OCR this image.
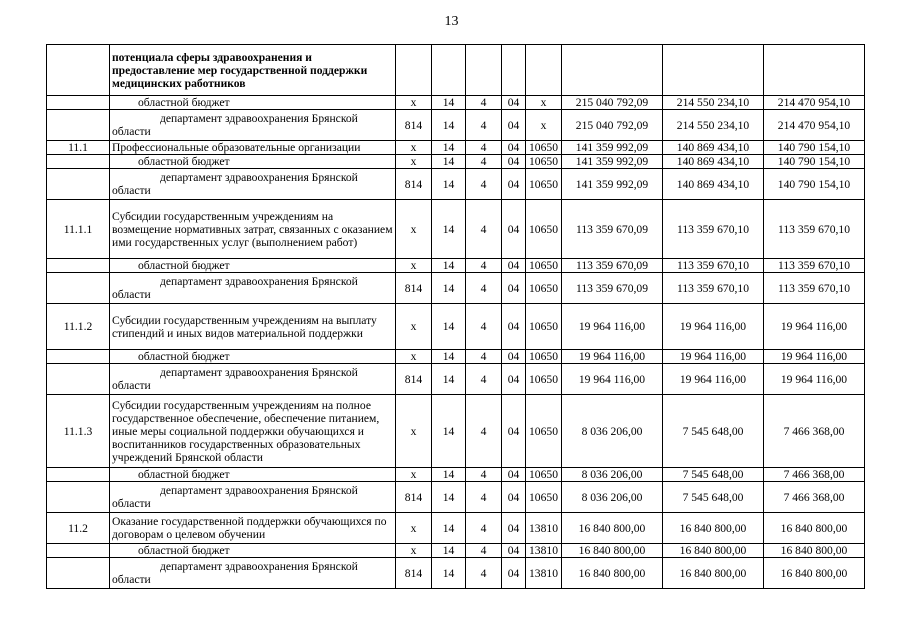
13
	потенциала сферы здравоохранения и предоставление мер государственной поддержки медицинских работников								
	областной бюджет	х	14	4	04	х	215 040 792,09	214 550 234,10	214 470 954,10
	департамент здравоохранения Брянской области	814	14	4	04	х	215 040 792,09	214 550 234,10	214 470 954,10
11.1	Профессиональные образовательные организации	х	14	4	04	10650	141 359 992,09	140 869 434,10	140 790 154,10
	областной бюджет	х	14	4	04	10650	141 359 992,09	140 869 434,10	140 790 154,10
	департамент здравоохранения Брянской области	814	14	4	04	10650	141 359 992,09	140 869 434,10	140 790 154,10
11.1.1	Субсидии государственным учреждениям на возмещение нормативных затрат, связанных с оказанием ими государственных услуг (выполнением работ)	х	14	4	04	10650	113 359 670,09	113 359 670,10	113 359 670,10
	областной бюджет	х	14	4	04	10650	113 359 670,09	113 359 670,10	113 359 670,10
	департамент здравоохранения Брянской области	814	14	4	04	10650	113 359 670,09	113 359 670,10	113 359 670,10
11.1.2	Субсидии государственным учреждениям на выплату стипендий и иных видов материальной поддержки	х	14	4	04	10650	19 964 116,00	19 964 116,00	19 964 116,00
	областной бюджет	х	14	4	04	10650	19 964 116,00	19 964 116,00	19 964 116,00
	департамент здравоохранения Брянской области	814	14	4	04	10650	19 964 116,00	19 964 116,00	19 964 116,00
11.1.3	Субсидии государственным учреждениям на полное государственное обеспечение, обеспечение питанием, иные меры социальной поддержки обучающихся и воспитанников государственных образовательных учреждений Брянской области	х	14	4	04	10650	8 036 206,00	7 545 648,00	7 466 368,00
	областной бюджет	х	14	4	04	10650	8 036 206,00	7 545 648,00	7 466 368,00
	департамент здравоохранения Брянской области	814	14	4	04	10650	8 036 206,00	7 545 648,00	7 466 368,00
11.2	Оказание государственной поддержки обучающихся по договорам о целевом обучении	х	14	4	04	13810	16 840 800,00	16 840 800,00	16 840 800,00
	областной бюджет	х	14	4	04	13810	16 840 800,00	16 840 800,00	16 840 800,00
	департамент здравоохранения Брянской области	814	14	4	04	13810	16 840 800,00	16 840 800,00	16 840 800,00
